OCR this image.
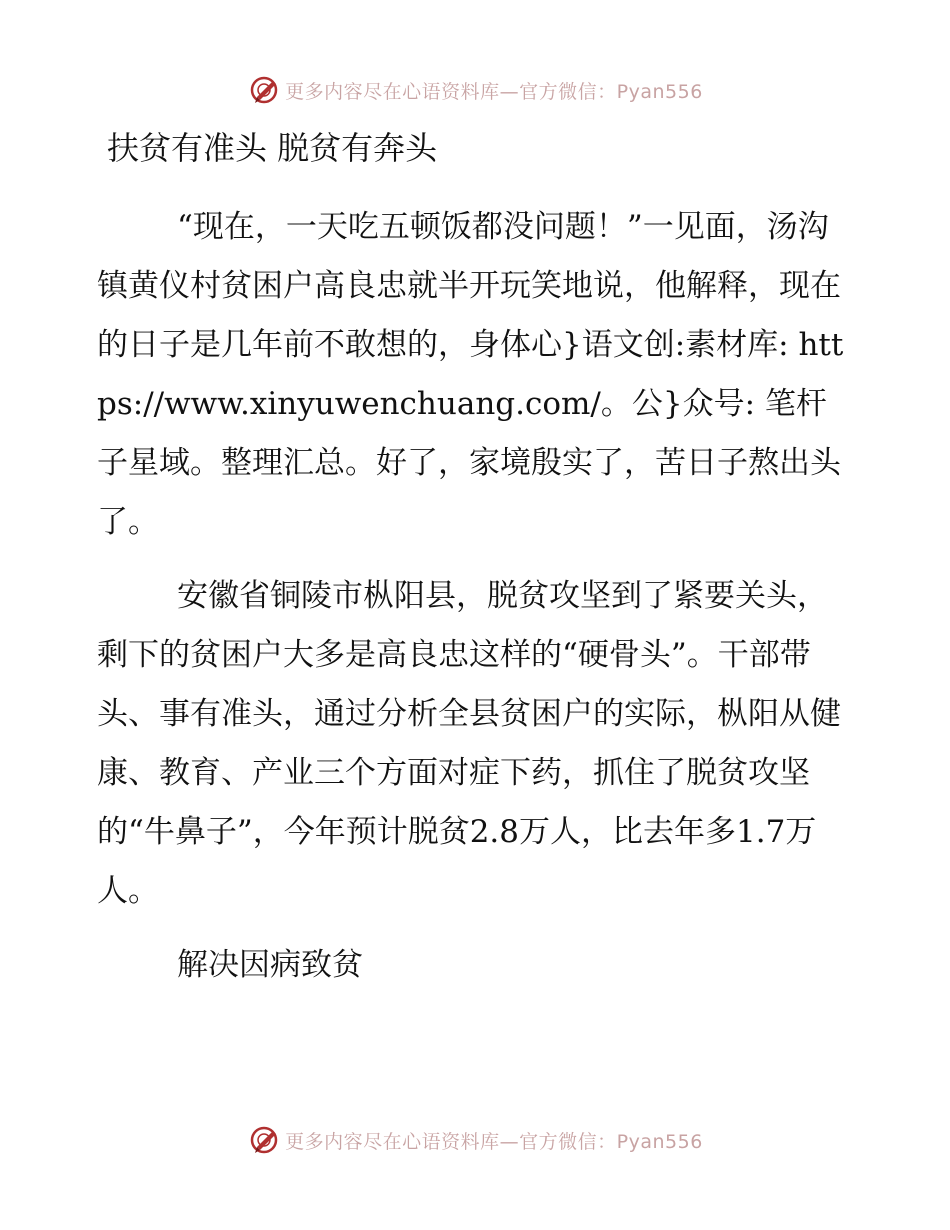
更多内容尽在心语资料库—官方微信：Pyan556
扶贫有准头 脱贫有奔头

“现在，一天吃五顿饭都没问题！”一见面，汤沟镇黄仪村贫困户高良忠就半开玩笑地说，他解释，现在的日子是几年前不敢想的，身体心}语文创:素材库: https://www.xinyuwenchuang.com/。公}众号: 笔杆子星域。整理汇总。好了，家境殷实了，苦日子熬出头了。

安徽省铜陵市枞阳县，脱贫攻坚到了紧要关头，剩下的贫困户大多是高良忠这样的“硬骨头”。干部带头、事有准头，通过分析全县贫困户的实际，枞阳从健康、教育、产业三个方面对症下药，抓住了脱贫攻坚的“牛鼻子”，今年预计脱贫2.8万人，比去年多1.7万人。

解决因病致贫

更多内容尽在心语资料库—官方微信：Pyan556
